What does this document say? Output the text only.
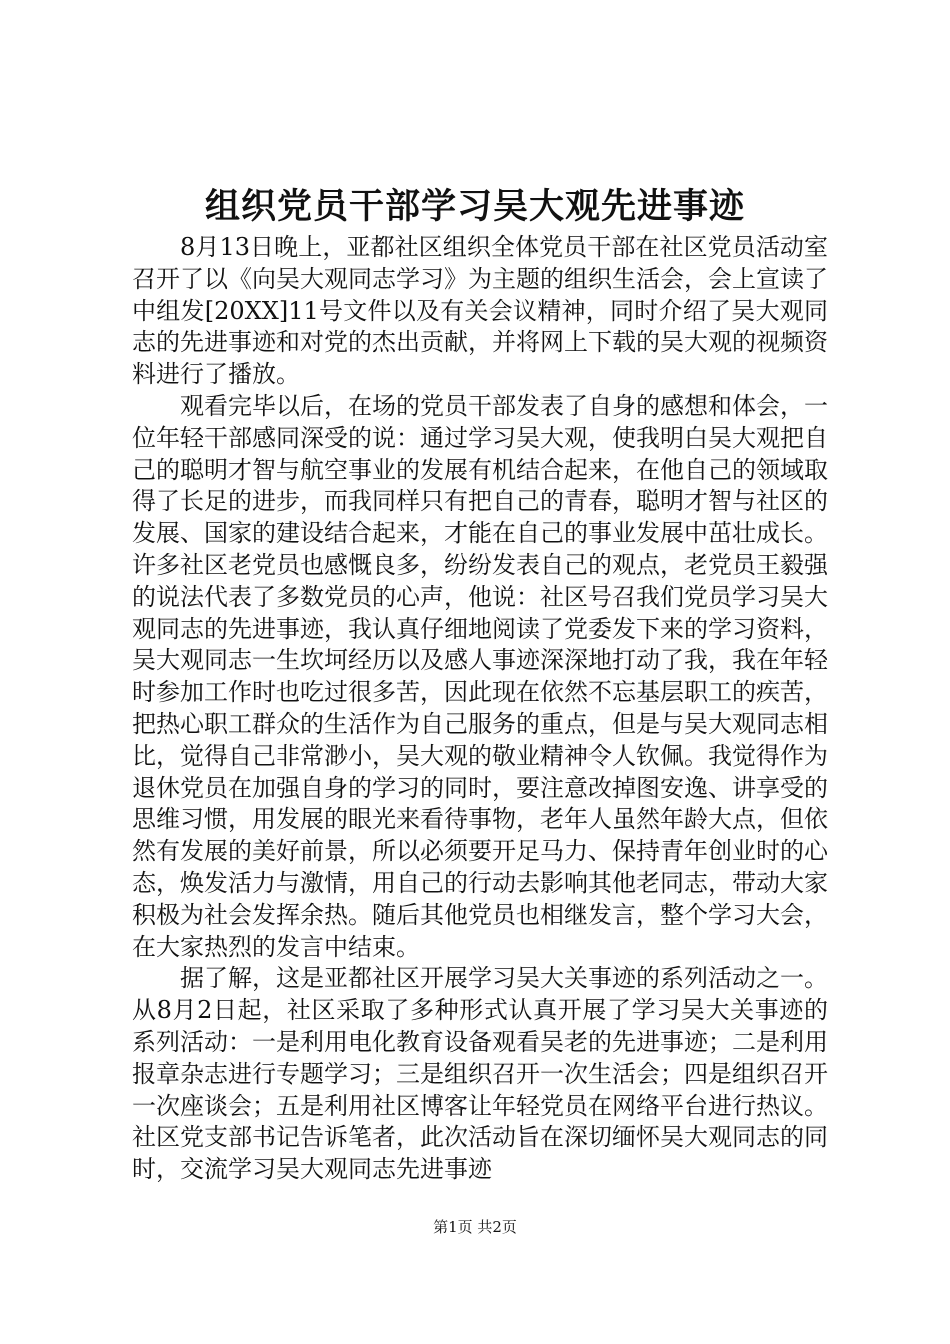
组织党员干部学习吴大观先进事迹

8月13日晚上，亚都社区组织全体党员干部在社区党员活动室召开了以《向吴大观同志学习》为主题的组织生活会，会上宣读了中组发[20XX]11号文件以及有关会议精神，同时介绍了吴大观同志的先进事迹和对党的杰出贡献，并将网上下载的吴大观的视频资料进行了播放。

观看完毕以后，在场的党员干部发表了自身的感想和体会，一位年轻干部感同深受的说：通过学习吴大观，使我明白吴大观把自己的聪明才智与航空事业的发展有机结合起来，在他自己的领域取得了长足的进步，而我同样只有把自己的青春，聪明才智与社区的发展、国家的建设结合起来，才能在自己的事业发展中茁壮成长。许多社区老党员也感慨良多，纷纷发表自己的观点，老党员王毅强的说法代表了多数党员的心声，他说：社区号召我们党员学习吴大观同志的先进事迹，我认真仔细地阅读了党委发下来的学习资料，吴大观同志一生坎坷经历以及感人事迹深深地打动了我，我在年轻时参加工作时也吃过很多苦，因此现在依然不忘基层职工的疾苦，把热心职工群众的生活作为自己服务的重点，但是与吴大观同志相比，觉得自己非常渺小，吴大观的敬业精神令人钦佩。我觉得作为退休党员在加强自身的学习的同时，要注意改掉图安逸、讲享受的思维习惯，用发展的眼光来看待事物，老年人虽然年龄大点，但依然有发展的美好前景，所以必须要开足马力、保持青年创业时的心态，焕发活力与激情，用自己的行动去影响其他老同志，带动大家积极为社会发挥余热。随后其他党员也相继发言，整个学习大会，在大家热烈的发言中结束。

据了解，这是亚都社区开展学习吴大关事迹的系列活动之一。从8月2日起，社区采取了多种形式认真开展了学习吴大关事迹的系列活动：一是利用电化教育设备观看吴老的先进事迹；二是利用报章杂志进行专题学习；三是组织召开一次生活会；四是组织召开一次座谈会；五是利用社区博客让年轻党员在网络平台进行热议。社区党支部书记告诉笔者，此次活动旨在深切缅怀吴大观同志的同时，交流学习吴大观同志先进事迹

第1页 共2页
